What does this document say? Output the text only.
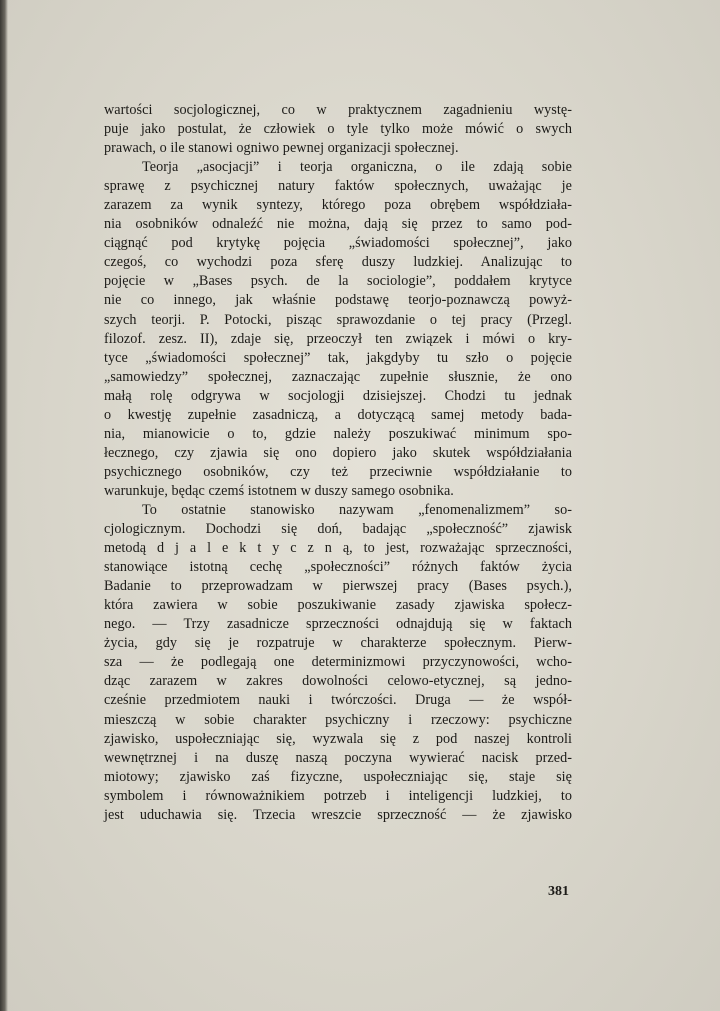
wartości socjologicznej, co w praktycznem zagadnieniu wystę-
puje jako postulat, że człowiek o tyle tylko może mówić o swych
prawach, o ile stanowi ogniwo pewnej organizacji społecznej.
Teorja „asocjacji” i teorja organiczna, o ile zdają sobie
sprawę z psychicznej natury faktów społecznych, uważając je
zarazem za wynik syntezy, którego poza obrębem współdziała-
nia osobników odnaleźć nie można, dają się przez to samo pod-
ciągnąć pod krytykę pojęcia „świadomości społecznej”, jako
czegoś, co wychodzi poza sferę duszy ludzkiej. Analizując to
pojęcie w „Bases psych. de la sociologie”, poddałem krytyce
nie co innego, jak właśnie podstawę teorjo-poznawczą powyż-
szych teorji. P. Potocki, pisząc sprawozdanie o tej pracy (Przegl.
filozof. zesz. II), zdaje się, przeoczył ten związek i mówi o kry-
tyce „świadomości społecznej” tak, jakgdyby tu szło o pojęcie
„samowiedzy” społecznej, zaznaczając zupełnie słusznie, że ono
małą rolę odgrywa w socjologji dzisiejszej. Chodzi tu jednak
o kwestję zupełnie zasadniczą, a dotyczącą samej metody bada-
nia, mianowicie o to, gdzie należy poszukiwać minimum spo-
łecznego, czy zjawia się ono dopiero jako skutek współdziałania
psychicznego osobników, czy też przeciwnie współdziałanie to
warunkuje, będąc czemś istotnem w duszy samego osobnika.
To ostatnie stanowisko nazywam „fenomenalizmem” so-
cjologicznym. Dochodzi się doń, badając „społeczność” zjawisk
metodą d j a l e k t y c z n ą, to jest, rozważając sprzeczności,
stanowiące istotną cechę „społeczności” różnych faktów życia
Badanie to przeprowadzam w pierwszej pracy (Bases psych.),
która zawiera w sobie poszukiwanie zasady zjawiska społecz-
nego. — Trzy zasadnicze sprzeczności odnajdują się w faktach
życia, gdy się je rozpatruje w charakterze społecznym. Pierw-
sza — że podlegają one determinizmowi przyczynowości, wcho-
dząc zarazem w zakres dowolności celowo-etycznej, są jedno-
cześnie przedmiotem nauki i twórczości. Druga — że współ-
mieszczą w sobie charakter psychiczny i rzeczowy: psychiczne
zjawisko, uspołeczniając się, wyzwala się z pod naszej kontroli
wewnętrznej i na duszę naszą poczyna wywierać nacisk przed-
miotowy; zjawisko zaś fizyczne, uspołeczniając się, staje się
symbolem i równoważnikiem potrzeb i inteligencji ludzkiej, to
jest uduchawia się. Trzecia wreszcie sprzeczność — że zjawisko
381
